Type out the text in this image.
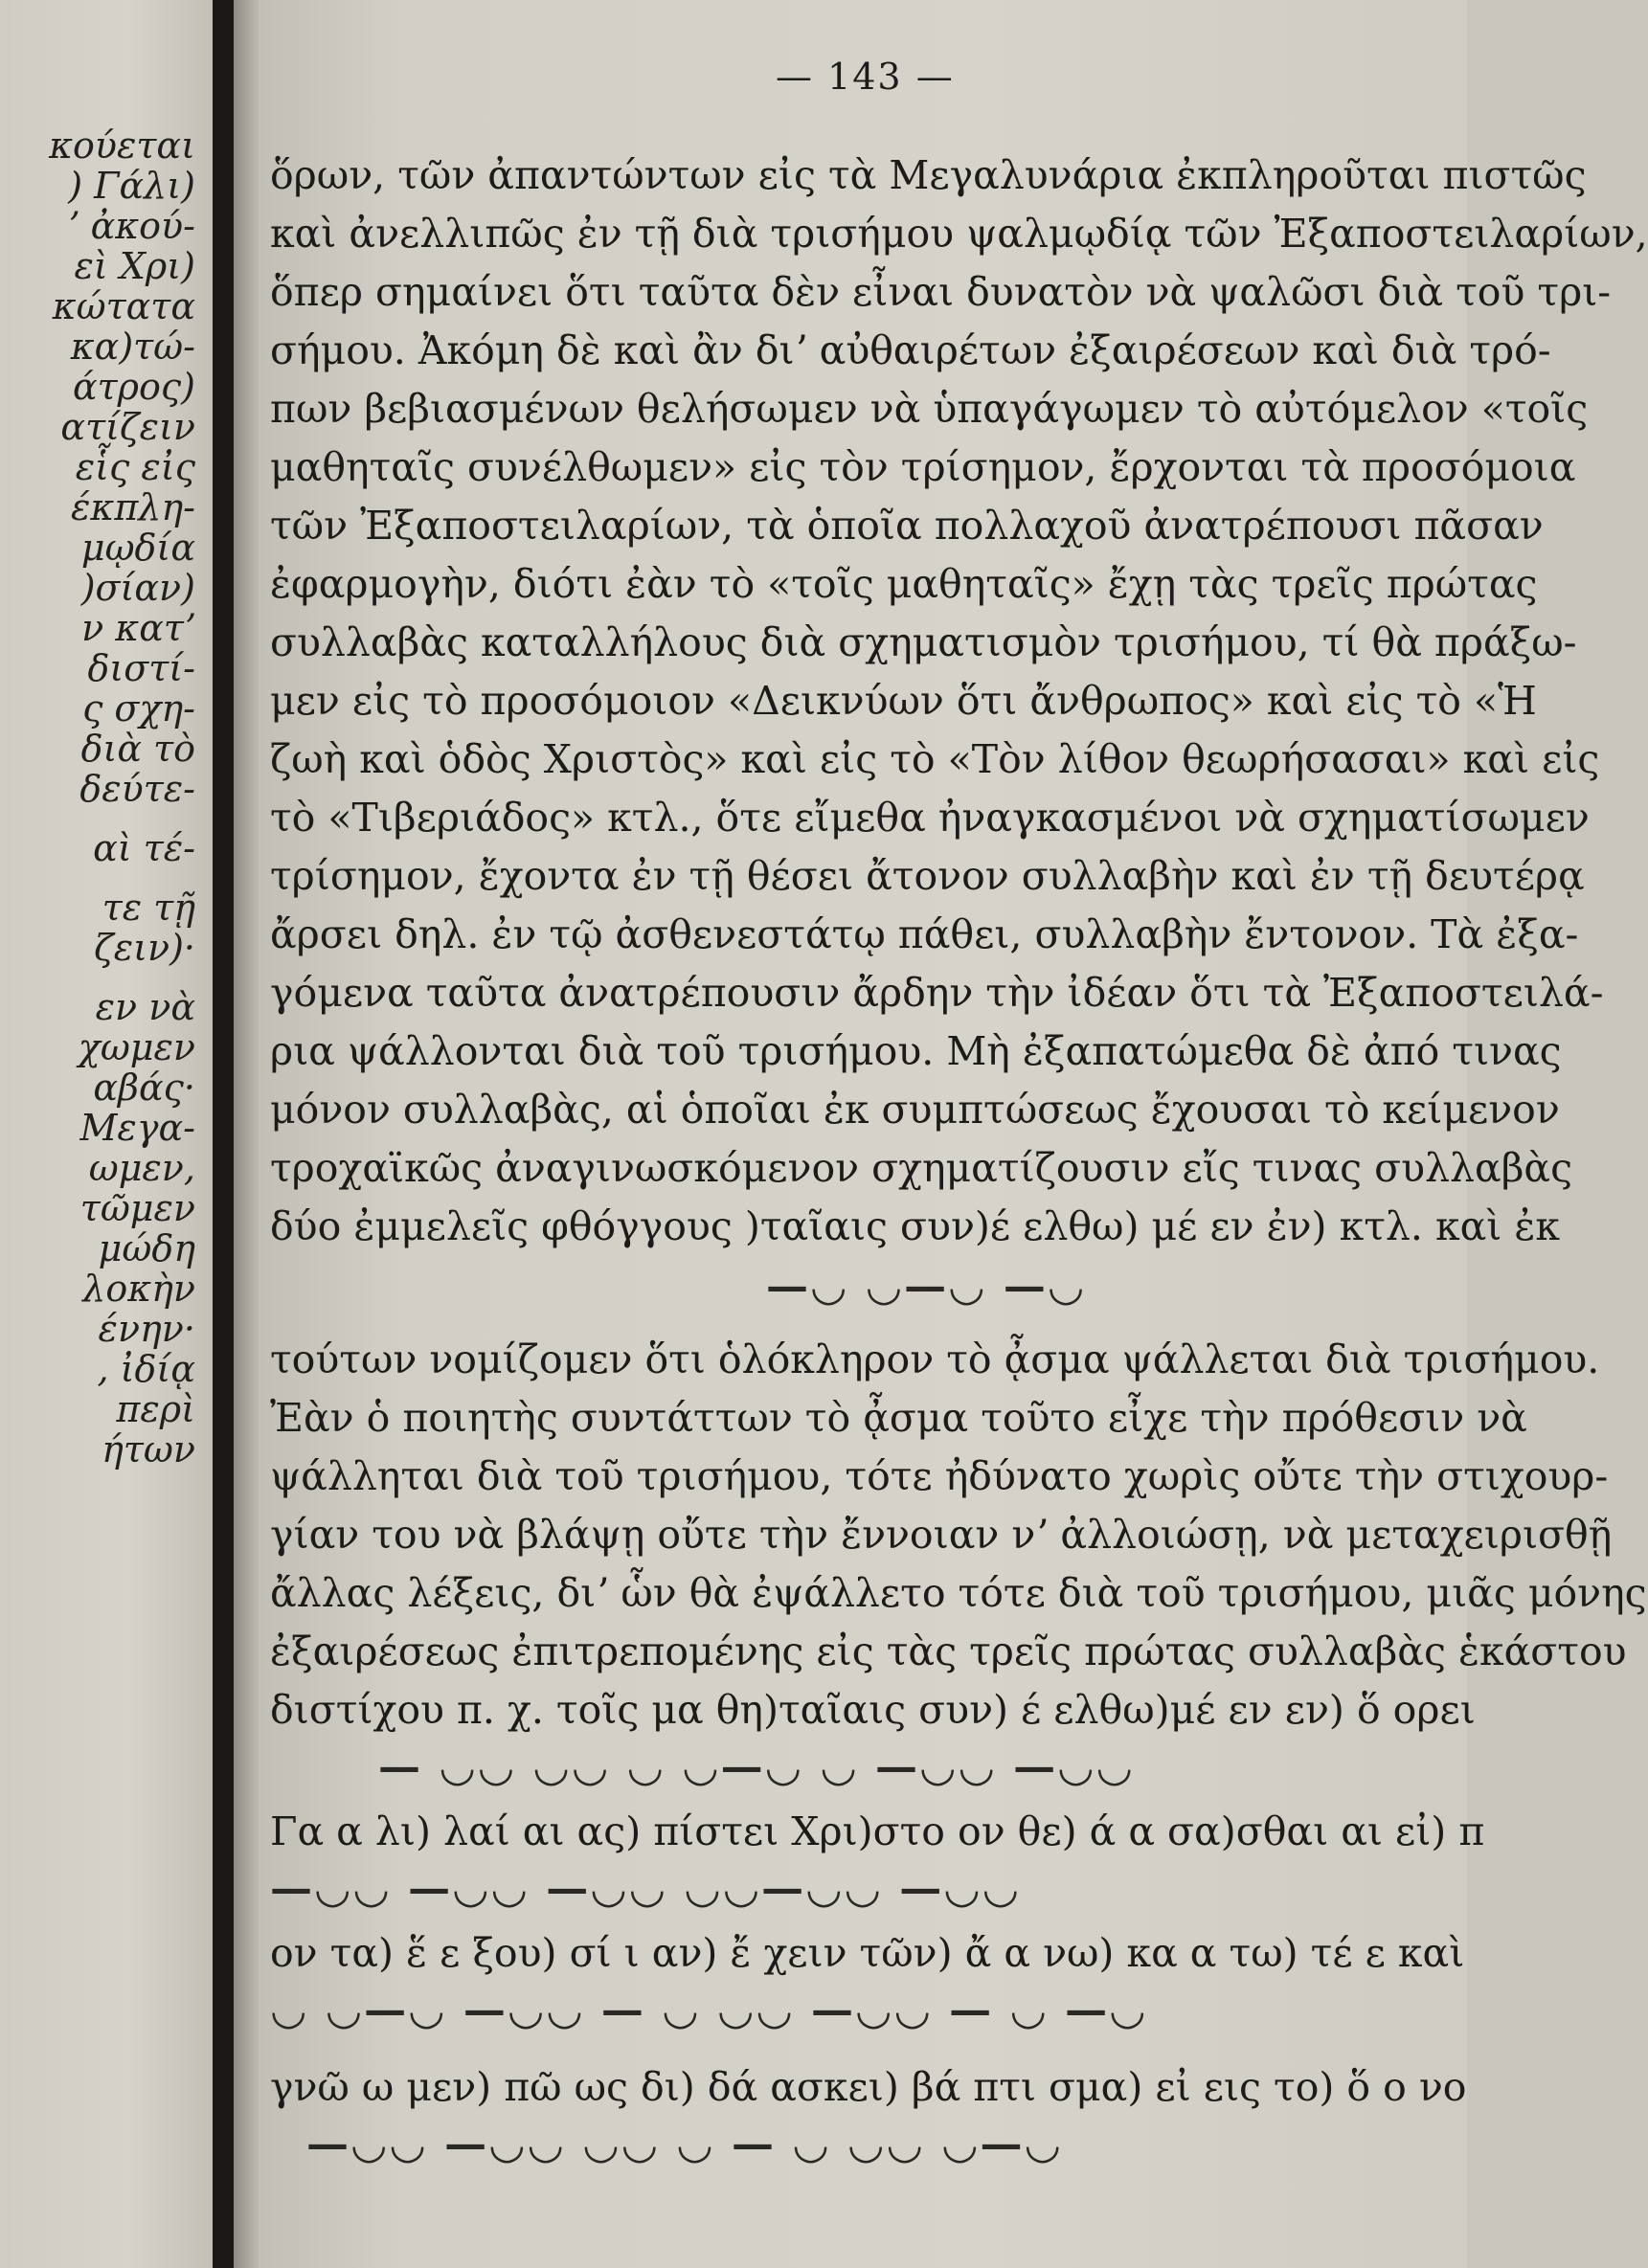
κούεται
) Γάλι)
ʼ ἀκού-
εὶ Χρι)
κώτατα
κα)τώ-
άτρος)
ατίζειν
εἷς εἰς
έκπλη-
μῳδία
)σίαν)
ν κατʼ
διστί-
ς σχη-
διὰ τὸ
δεύτε-
αὶ τέ-
τε τῇ
ζειν)·
εν νὰ
χωμεν
αβάς·
Μεγα-
ωμεν,
τῶμεν
μώδη
λοκὴν
ένην·
, ἰδίᾳ
περὶ
ήτων
— 143 —
ὅρων, τῶν ἀπαντώντων εἰς τὰ Μεγαλυνάρια ἐκπληροῦται πιστῶς
καὶ ἀνελλιπῶς ἐν τῇ διὰ τρισήμου ψαλμῳδίᾳ τῶν Ἐξαποστειλαρίων,
ὅπερ σημαίνει ὅτι ταῦτα δὲν εἶναι δυνατὸν νὰ ψαλῶσι διὰ τοῦ τρι-
σήμου. Ἀκόμη δὲ καὶ ἂν διʼ αὐθαιρέτων ἐξαιρέσεων καὶ διὰ τρό-
πων βεβιασμένων θελήσωμεν νὰ ὑπαγάγωμεν τὸ αὐτόμελον «τοῖς
μαθηταῖς συνέλθωμεν» εἰς τὸν τρίσημον, ἔρχονται τὰ προσόμοια
τῶν Ἐξαποστειλαρίων, τὰ ὁποῖα πολλαχοῦ ἀνατρέπουσι πᾶσαν
ἐφαρμογὴν, διότι ἐὰν τὸ «τοῖς μαθηταῖς» ἔχῃ τὰς τρεῖς πρώτας
συλλαβὰς καταλλήλους διὰ σχηματισμὸν τρισήμου, τί θὰ πράξω-
μεν εἰς τὸ προσόμοιον «Δεικνύων ὅτι ἄνθρωπος» καὶ εἰς τὸ «Ἡ
ζωὴ καὶ ὁδὸς Χριστὸς» καὶ εἰς τὸ «Τὸν λίθον θεωρήσασαι» καὶ εἰς
τὸ «Τιβεριάδος» κτλ., ὅτε εἴμεθα ἠναγκασμένοι νὰ σχηματίσωμεν
τρίσημον, ἔχοντα ἐν τῇ θέσει ἄτονον συλλαβὴν καὶ ἐν τῇ δευτέρᾳ
ἄρσει δηλ. ἐν τῷ ἀσθενεστάτῳ πάθει, συλλαβὴν ἔντονον. Τὰ ἐξα-
γόμενα ταῦτα ἀνατρέπουσιν ἄρδην τὴν ἰδέαν ὅτι τὰ Ἐξαποστειλά-
ρια ψάλλονται διὰ τοῦ τρισήμου. Μὴ ἐξαπατώμεθα δὲ ἀπό τινας
μόνον συλλαβὰς, αἱ ὁποῖαι ἐκ συμπτώσεως ἔχουσαι τὸ κείμενον
τροχαϊκῶς ἀναγινωσκόμενον σχηματίζουσιν εἴς τινας συλλαβὰς
δύο ἐμμελεῖς φθόγγους )ταῖαις συν)έ ελθω) μέ εν ἐν) κτλ. καὶ ἐκ
—◡ ◡—◡ —◡
τούτων νομίζομεν ὅτι ὁλόκληρον τὸ ᾆσμα ψάλλεται διὰ τρισήμου.
Ἐὰν ὁ ποιητὴς συντάττων τὸ ᾆσμα τοῦτο εἶχε τὴν πρόθεσιν νὰ
ψάλληται διὰ τοῦ τρισήμου, τότε ἠδύνατο χωρὶς οὔτε τὴν στιχουρ-
γίαν του νὰ βλάψῃ οὔτε τὴν ἔννοιαν νʼ ἀλλοιώσῃ, νὰ μεταχειρισθῇ
ἄλλας λέξεις, διʼ ὧν θὰ ἐψάλλετο τότε διὰ τοῦ τρισήμου, μιᾶς μόνης
ἐξαιρέσεως ἐπιτρεπομένης εἰς τὰς τρεῖς πρώτας συλλαβὰς ἑκάστου
διστίχου π. χ. τοῖς μα θη)ταῖαις συν) έ ελθω)μέ εν εν) ὅ ορει
— ◡◡ ◡◡ ◡ ◡—◡ ◡ —◡◡ —◡◡
Γα α λι) λαί αι ας) πίστει Χρι)στο ον θε) ά α σα)σθαι αι εἰ) π
—◡◡ —◡◡ —◡◡ ◡◡—◡◡ —◡◡
ον τα) ἕ ε ξου) σί ι αν) ἔ χειν τῶν) ἄ α νω) κα α τω) τέ ε καὶ
◡ ◡—◡ —◡◡ — ◡ ◡◡ —◡◡ — ◡ —◡
γνῶ ω μεν) πῶ ως δι) δά ασκει) βά πτι σμα) εἰ εις το) ὅ ο νο
—◡◡ —◡◡ ◡◡ ◡ — ◡ ◡◡ ◡—◡
